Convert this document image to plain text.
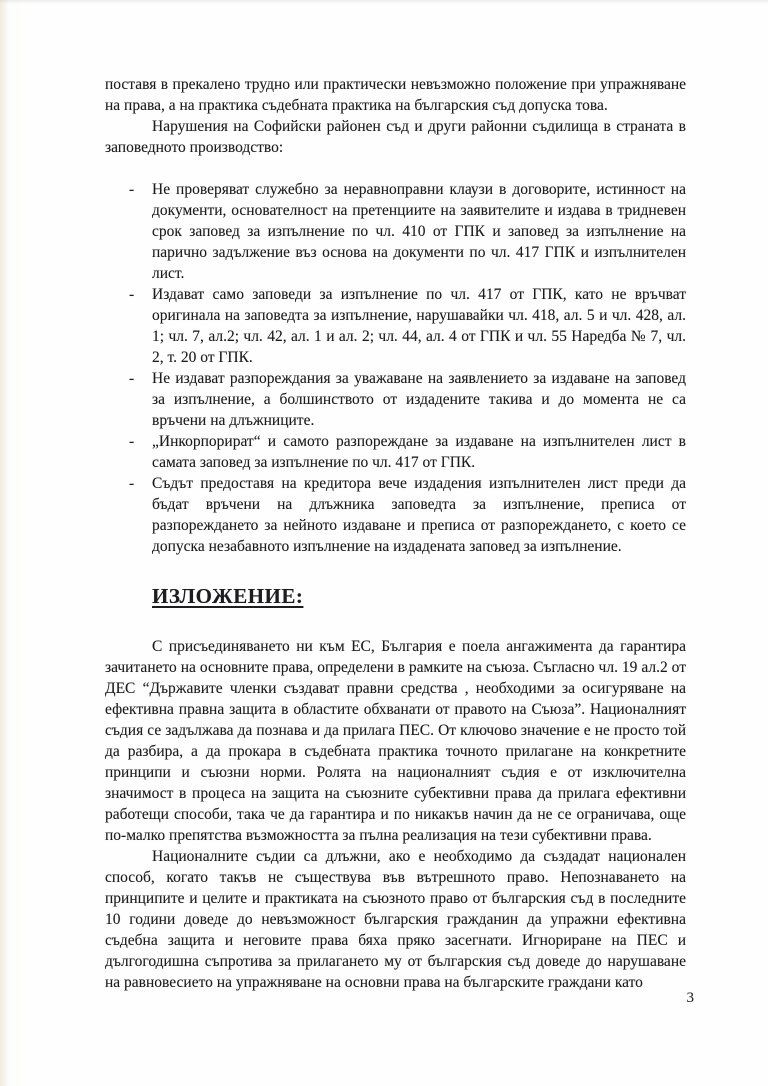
поставя в прекалено трудно или практически невъзможно положение при упражняване на права, а на практика съдебната практика на българския съд допуска това.

Нарушения на Софийски районен съд и други районни съдилища в страната в заповедното производство:

- Не проверяват служебно за неравноправни клаузи в договорите, истинност на документи, основателност на претенциите на заявителите и издава в тридневен срок заповед за изпълнение по чл. 410 от ГПК и заповед за изпълнение на парично задължение въз основа на документи по чл. 417 ГПК и изпълнителен лист.
- Издават само заповеди за изпълнение по чл. 417 от ГПК, като не връчват оригинала на заповедта за изпълнение, нарушавайки чл. 418, ал. 5 и чл. 428, ал. 1; чл. 7, ал.2; чл. 42, ал. 1 и ал. 2; чл. 44, ал. 4 от ГПК и чл. 55 Наредба № 7, чл. 2, т. 20 от ГПК.
- Не издават разпореждания за уважаване на заявлението за издаване на заповед за изпълнение, а болшинството от издадените такива и до момента не са връчени на длъжниците.
- „Инкорпорират“ и самото разпореждане за издаване на изпълнителен лист в самата заповед за изпълнение по чл. 417 от ГПК.
- Съдът предоставя на кредитора вече издадения изпълнителен лист преди да бъдат връчени на длъжника заповедта за изпълнение, преписа от разпореждането за нейното издаване и преписа от разпореждането, с което се допуска незабавното изпълнение на издадената заповед за изпълнение.
ИЗЛОЖЕНИЕ:

С присъединяването ни към ЕС, България е поела ангажимента да гарантира зачитането на основните права, определени в рамките на съюза. Съгласно чл. 19 ал.2 от ДЕС “Държавите членки създават правни средства , необходими за осигуряване на ефективна правна защита в областите обхванати от правото на Съюза”. Националният съдия се задължава да познава и да прилага ПЕС. От ключово значение е не просто той да разбира, а да прокара в съдебната практика точното прилагане на конкретните принципи и съюзни норми. Ролята на националният съдия е от изключителна значимост в процеса на защита на съюзните субективни права да прилага ефективни работещи способи, така че да гарантира и по никакъв начин да не се ограничава, още по-малко препятства възможността за пълна реализация на тези субективни права.

Националните съдии са длъжни, ако е необходимо да създадат национален способ, когато такъв не съществува във вътрешното право. Непознаването на принципите и целите и практиката на съюзното право от българския съд в последните 10 години доведе до невъзможност българския гражданин да упражни ефективна съдебна защита и неговите права бяха пряко засегнати. Игнориране на ПЕС и дългогодишна съпротива за прилагането му от българския съд доведе до нарушаване на равновесието на упражняване на основни права на българските граждани като

3
